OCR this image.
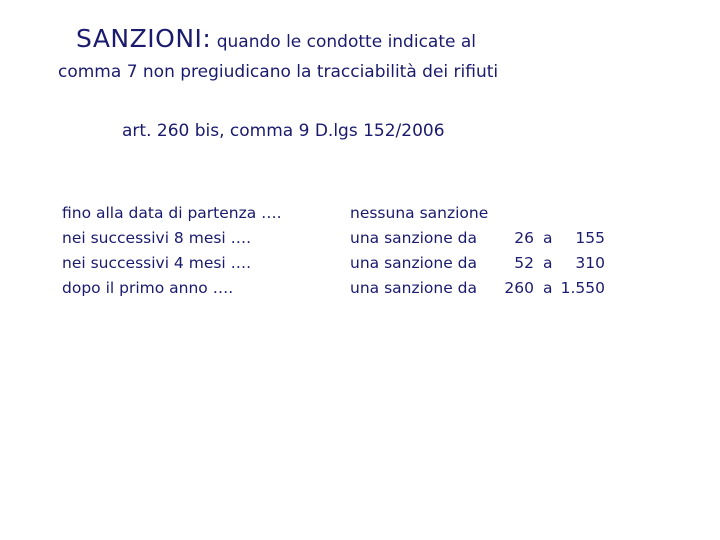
SANZIONI: quando le condotte indicate al
comma 7 non pregiudicano la tracciabilità dei rifiuti
art. 260 bis, comma 9 D.lgs 152/2006
fino alla data di partenza ….
nei successivi 8 mesi ….
nei successivi 4 mesi ….
dopo il primo anno ….
nessuna sanzione
una sanzione da
una sanzione da
una sanzione da
26
52
260
a
a
a
155
310
1.550
